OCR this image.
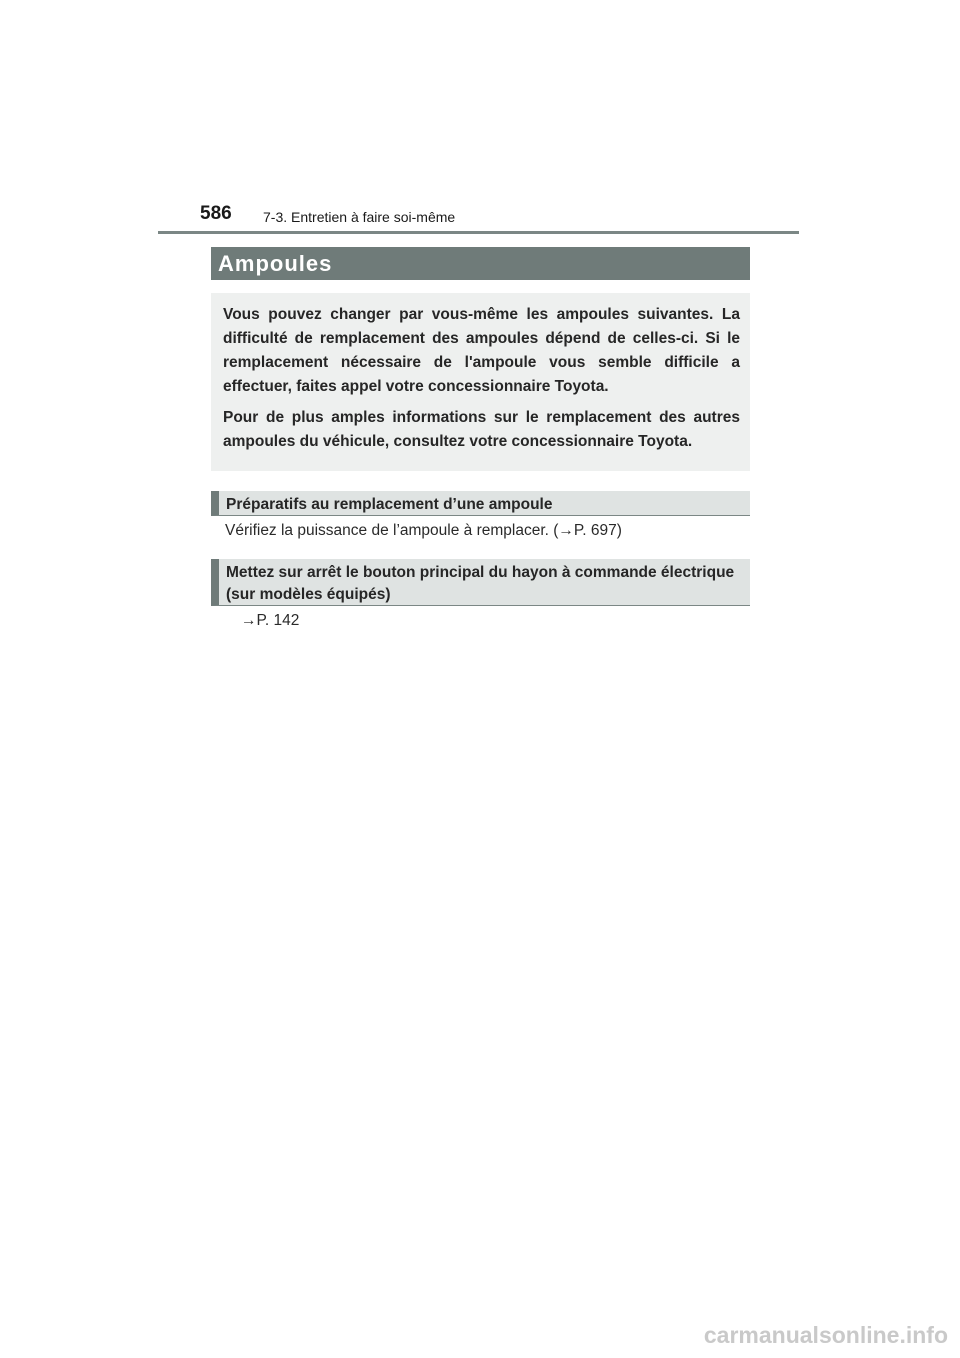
586 7-3. Entretien à faire soi-même
Ampoules

Vous pouvez changer par vous-même les ampoules suivantes. La difficulté de remplacement des ampoules dépend de celles-ci. Si le remplacement nécessaire de l'ampoule vous semble difficile a effectuer, faites appel votre concessionnaire Toyota.

Pour de plus amples informations sur le remplacement des autres ampoules du véhicule, consultez votre concessionnaire Toyota.

Préparatifs au remplacement d’une ampoule
Vérifiez la puissance de l’ampoule à remplacer. (→P. 697)
Mettez sur arrêt le bouton principal du hayon à commande électrique (sur modèles équipés)
→P. 142
carmanualsonline.info
